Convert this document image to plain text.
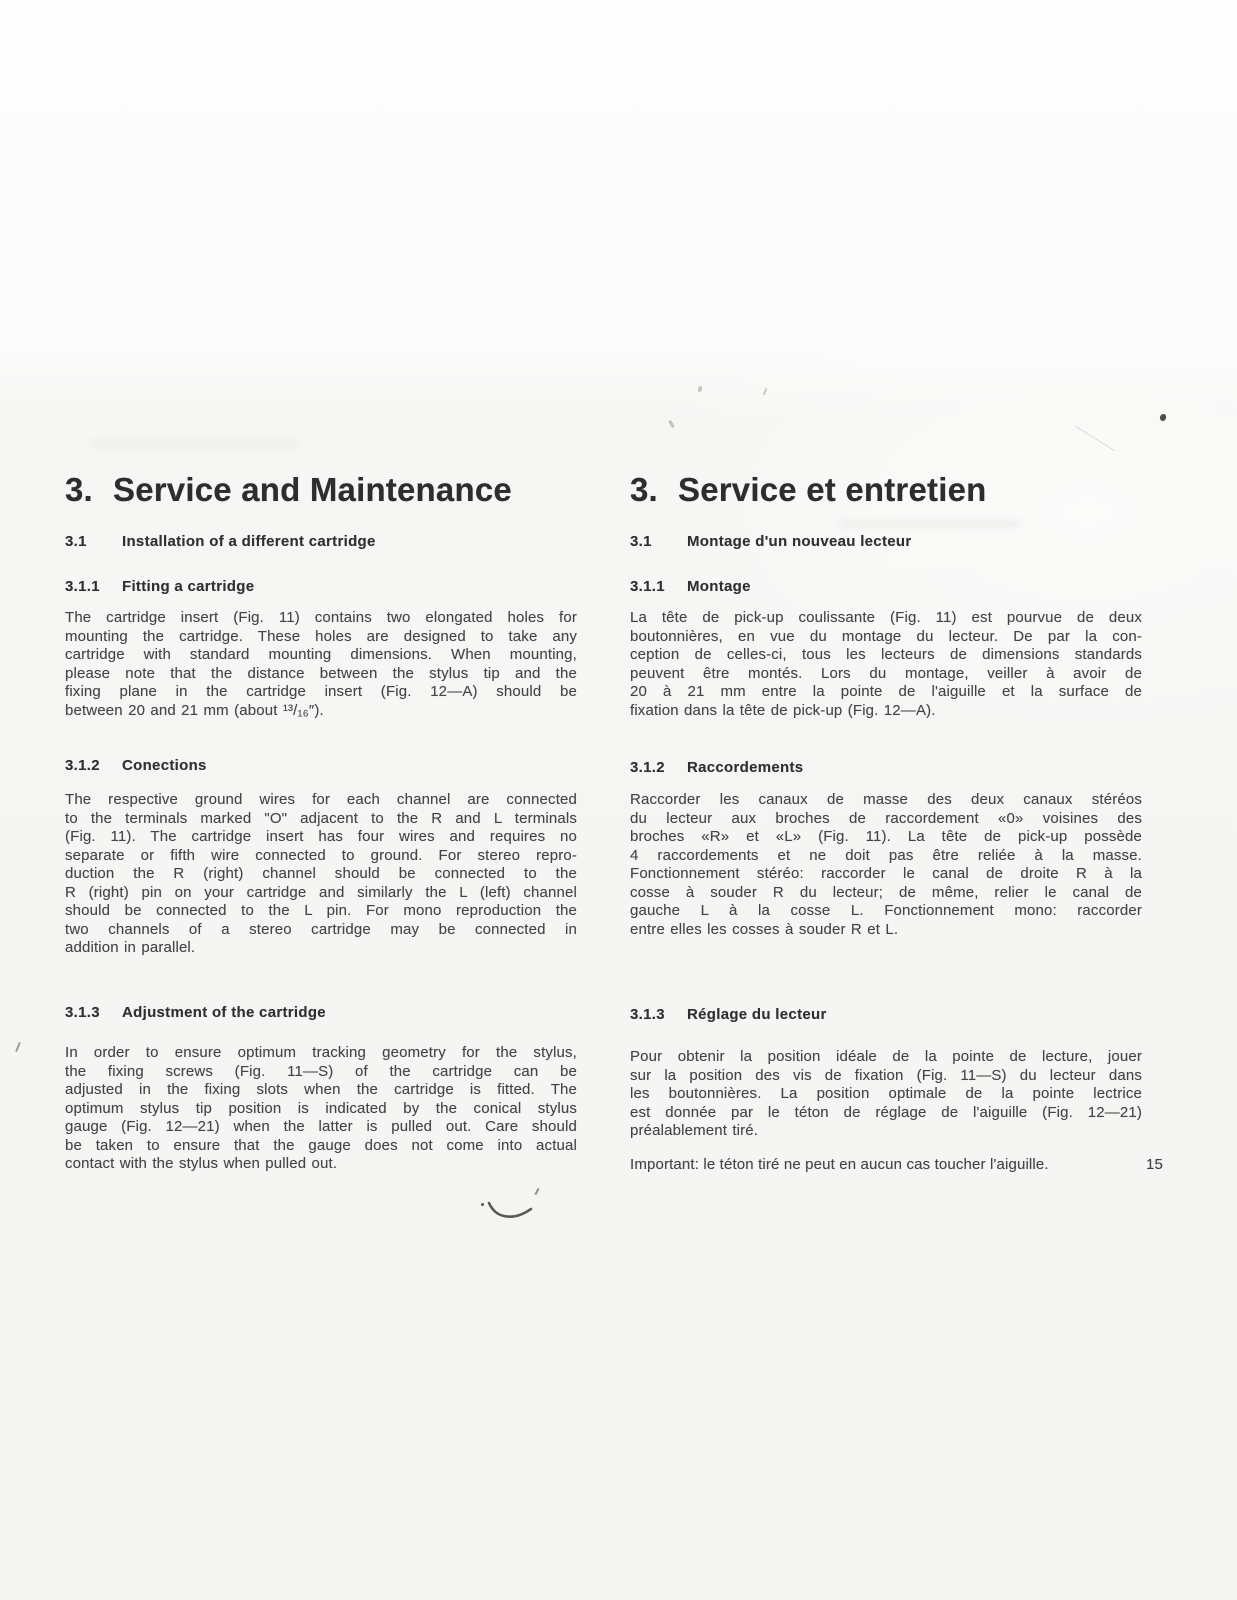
3. Service and Maintenance
3.1 Installation of a different cartridge
3.1.1 Fitting a cartridge
The cartridge insert (Fig. 11) contains two elongated holes for
mounting the cartridge. These holes are designed to take any
cartridge with standard mounting dimensions. When mounting,
please note that the distance between the stylus tip and the
fixing plane in the cartridge insert (Fig. 12—A) should be
between 20 and 21 mm (about ¹³/₁₆″).
3.1.2 Conections
The respective ground wires for each channel are connected
to the terminals marked "O" adjacent to the R and L terminals
(Fig. 11). The cartridge insert has four wires and requires no
separate or fifth wire connected to ground. For stereo repro-
duction the R (right) channel should be connected to the
R (right) pin on your cartridge and similarly the L (left) channel
should be connected to the L pin. For mono reproduction the
two channels of a stereo cartridge may be connected in
addition in parallel.
3.1.3 Adjustment of the cartridge
In order to ensure optimum tracking geometry for the stylus,
the fixing screws (Fig. 11—S) of the cartridge can be
adjusted in the fixing slots when the cartridge is fitted. The
optimum stylus tip position is indicated by the conical stylus
gauge (Fig. 12—21) when the latter is pulled out. Care should
be taken to ensure that the gauge does not come into actual
contact with the stylus when pulled out.
3. Service et entretien
3.1 Montage d'un nouveau lecteur
3.1.1 Montage
La tête de pick-up coulissante (Fig. 11) est pourvue de deux
boutonnières, en vue du montage du lecteur. De par la con-
ception de celles-ci, tous les lecteurs de dimensions standards
peuvent être montés. Lors du montage, veiller à avoir de
20 à 21 mm entre la pointe de l'aiguille et la surface de
fixation dans la tête de pick-up (Fig. 12—A).
3.1.2 Raccordements
Raccorder les canaux de masse des deux canaux stéréos
du lecteur aux broches de raccordement «0» voisines des
broches «R» et «L» (Fig. 11). La tête de pick-up possède
4 raccordements et ne doit pas être reliée à la masse.
Fonctionnement stéréo: raccorder le canal de droite R à la
cosse à souder R du lecteur; de même, relier le canal de
gauche L à la cosse L. Fonctionnement mono: raccorder
entre elles les cosses à souder R et L.
3.1.3 Réglage du lecteur
Pour obtenir la position idéale de la pointe de lecture, jouer
sur la position des vis de fixation (Fig. 11—S) du lecteur dans
les boutonnières. La position optimale de la pointe lectrice
est donnée par le téton de réglage de l'aiguille (Fig. 12—21)
préalablement tiré.
Important: le téton tiré ne peut en aucun cas toucher l'aiguille.	15
